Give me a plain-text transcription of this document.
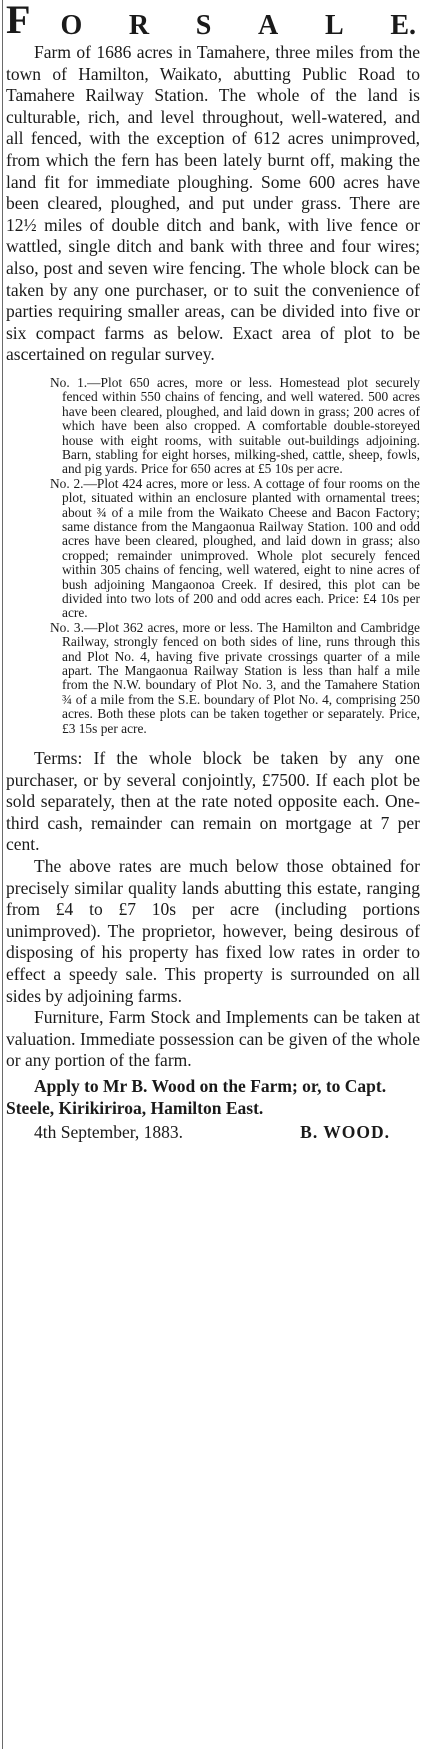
F O R S A L E.

Farm of 1686 acres in Tamahere, three miles from the town of Hamilton, Waikato, abutting Public Road to Tamahere Railway Station. The whole of the land is culturable, rich, and level throughout, well-watered, and all fenced, with the exception of 612 acres unimproved, from which the fern has been lately burnt off, making the land fit for immediate ploughing. Some 600 acres have been cleared, ploughed, and put under grass. There are 12½ miles of double ditch and bank, with live fence or wattled, single ditch and bank with three and four wires; also, post and seven wire fencing. The whole block can be taken by any one purchaser, or to suit the convenience of parties requiring smaller areas, can be divided into five or six compact farms as below. Exact area of plot to be ascertained on regular survey.

No. 1.—Plot 650 acres, more or less. Homestead plot securely fenced within 550 chains of fencing, and well watered. 500 acres have been cleared, ploughed, and laid down in grass; 200 acres of which have been also cropped. A comfortable double-storeyed house with eight rooms, with suitable out-buildings adjoining. Barn, stabling for eight horses, milking-shed, cattle, sheep, fowls, and pig yards. Price for 650 acres at £5 10s per acre.

No. 2.—Plot 424 acres, more or less. A cottage of four rooms on the plot, situated within an enclosure planted with ornamental trees; about ¾ of a mile from the Waikato Cheese and Bacon Factory; same distance from the Mangaonua Railway Station. 100 and odd acres have been cleared, ploughed, and laid down in grass; also cropped; remainder unimproved. Whole plot securely fenced within 305 chains of fencing, well watered, eight to nine acres of bush adjoining Mangaonoa Creek. If desired, this plot can be divided into two lots of 200 and odd acres each. Price: £4 10s per acre.

No. 3.—Plot 362 acres, more or less. The Hamilton and Cambridge Railway, strongly fenced on both sides of line, runs through this and Plot No. 4, having five private crossings quarter of a mile apart. The Mangaonua Railway Station is less than half a mile from the N.W. boundary of Plot No. 3, and the Tamahere Station ¾ of a mile from the S.E. boundary of Plot No. 4, comprising 250 acres. Both these plots can be taken together or separately. Price, £3 15s per acre.

Terms: If the whole block be taken by any one purchaser, or by several conjointly, £7500. If each plot be sold separately, then at the rate noted opposite each. One-third cash, remainder can remain on mortgage at 7 per cent.

The above rates are much below those obtained for precisely similar quality lands abutting this estate, ranging from £4 to £7 10s per acre (including portions unimproved). The proprietor, however, being desirous of disposing of his property has fixed low rates in order to effect a speedy sale. This property is surrounded on all sides by adjoining farms.

Furniture, Farm Stock and Implements can be taken at valuation. Immediate possession can be given of the whole or any portion of the farm.

Apply to Mr B. Wood on the Farm; or, to Capt. Steele, Kirikiriroa, Hamilton East.

4th September, 1883.	B. WOOD.
